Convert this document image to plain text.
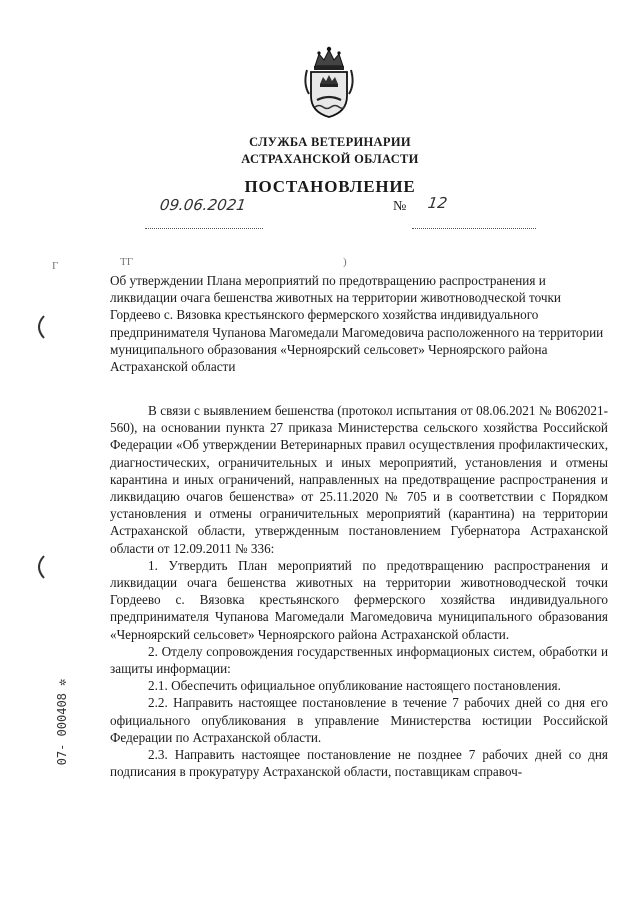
СЛУЖБА ВЕТЕРИНАРИИ
АСТРАХАНСКОЙ ОБЛАСТИ
ПОСТАНОВЛЕНИЕ
09.06.2021	№ 12
Г	ТГ	)
Об утверждении Плана мероприятий по предотвращению распространения и ликвидации очага бешенства животных на территории животноводческой точки Гордеево с. Вязовка крестьянского фермерского хозяйства индивидуального предпринимателя Чупанова Магомедали Магомедовича расположенного на территории муниципального образования «Черноярский сельсовет» Черноярского района Астраханской области

В связи с выявлением бешенства (протокол испытания от 08.06.2021 № В062021-560), на основании пункта 27 приказа Министерства сельского хозяйства Российской Федерации «Об утверждении Ветеринарных правил осуществления профилактических, диагностических, ограничительных и иных мероприятий, установления и отмены карантина и иных ограничений, направленных на предотвращение распространения и ликвидацию очагов бешенства» от 25.11.2020 № 705 и в соответствии с Порядком установления и отмены ограничительных мероприятий (карантина) на территории Астраханской области, утвержденным постановлением Губернатора Астраханской области от 12.09.2011 № 336:

1. Утвердить План мероприятий по предотвращению распространения и ликвидации очага бешенства животных на территории животноводческой точки Гордеево с. Вязовка крестьянского фермерского хозяйства индивидуального предпринимателя Чупанова Магомедали Магомедовича муниципального образования «Черноярский сельсовет» Черноярского района Астраханской области.

2. Отделу сопровождения государственных информационых систем, обработки и защиты информации:

2.1. Обеспечить официальное опубликование настоящего постановления.

2.2. Направить настоящее постановление в течение 7 рабочих дней со дня его официального опубликования в управление Министерства юстиции Российской Федерации по Астраханской области.

2.3. Направить настоящее постановление не позднее 7 рабочих дней со дня подписания в прокуратуру Астраханской области, поставщикам справоч-

07- 000408 ✲
